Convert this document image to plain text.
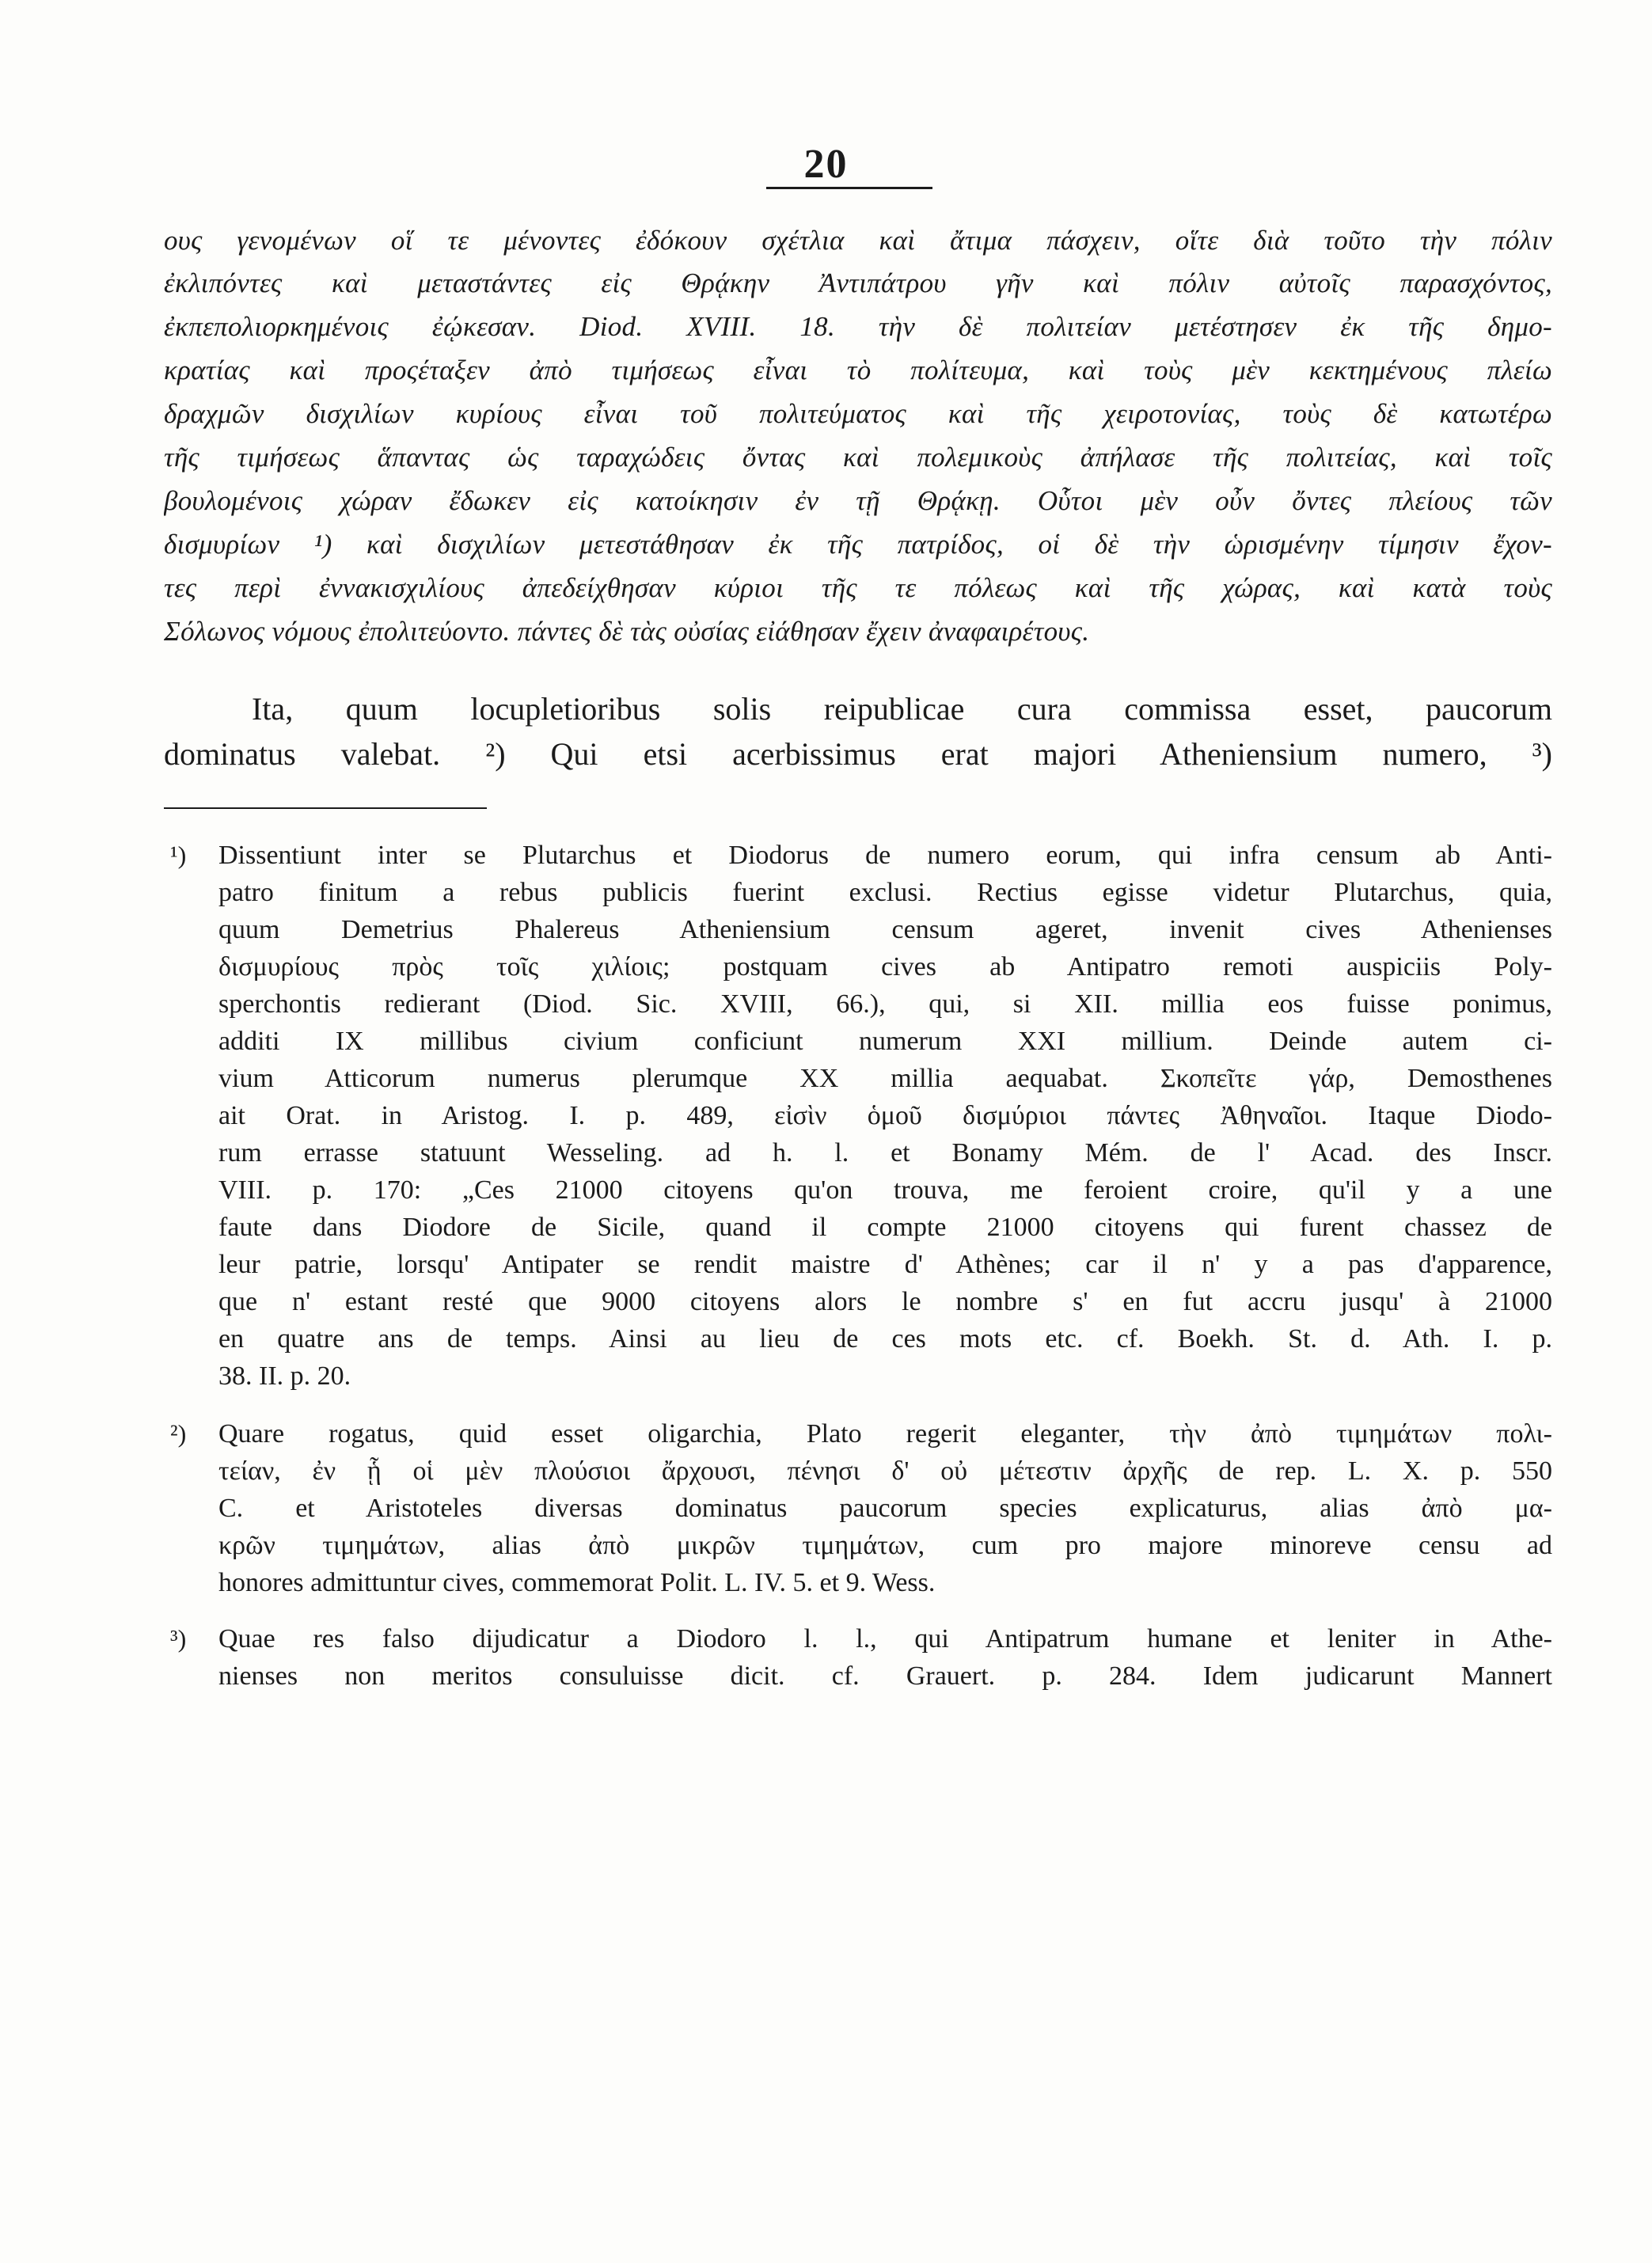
20
ους γενομένων οἵ τε μένοντες ἐδόκουν σχέτλια καὶ ἄτιμα πάσχειν, οἵτε διὰ τοῦτο τὴν πόλιν
ἐκλιπόντες καὶ μεταστάντες εἰς Θρᾴκην Ἀντιπάτρου γῆν καὶ πόλιν αὐτοῖς παρασχόντος,
ἐκπεπολιορκημένοις ἐῴκεσαν. Diod. XVIII. 18. τὴν δὲ πολιτείαν μετέστησεν ἐκ τῆς δημο-
κρατίας καὶ προςέταξεν ἀπὸ τιμήσεως εἶναι τὸ πολίτευμα, καὶ τοὺς μὲν κεκτημένους πλείω
δραχμῶν δισχιλίων κυρίους εἶναι τοῦ πολιτεύματος καὶ τῆς χειροτονίας, τοὺς δὲ κατωτέρω
τῆς τιμήσεως ἅπαντας ὡς ταραχώδεις ὄντας καὶ πολεμικοὺς ἀπήλασε τῆς πολιτείας, καὶ τοῖς
βουλομένοις χώραν ἔδωκεν εἰς κατοίκησιν ἐν τῇ Θρᾴκῃ. Οὗτοι μὲν οὖν ὄντες πλείους τῶν
δισμυρίων ¹) καὶ δισχιλίων μετεστάθησαν ἐκ τῆς πατρίδος, οἱ δὲ τὴν ὡρισμένην τίμησιν ἔχον-
τες περὶ ἐννακισχιλίους ἀπεδείχθησαν κύριοι τῆς τε πόλεως καὶ τῆς χώρας, καὶ κατὰ τοὺς
Σόλωνος νόμους ἐπολιτεύοντο. πάντες δὲ τὰς οὐσίας εἰάθησαν ἔχειν ἀναφαιρέτους.
Ita, quum locupletioribus solis reipublicae cura commissa esset, paucorum
dominatus valebat. ²) Qui etsi acerbissimus erat majori Atheniensium numero, ³)
¹) Dissentiunt inter se Plutarchus et Diodorus de numero eorum, qui infra censum ab Anti-
patro finitum a rebus publicis fuerint exclusi. Rectius egisse videtur Plutarchus, quia,
quum Demetrius Phalereus Atheniensium censum ageret, invenit cives Athenienses
δισμυρίους πρὸς τοῖς χιλίοις; postquam cives ab Antipatro remoti auspiciis Poly-
sperchontis redierant (Diod. Sic. XVIII, 66.), qui, si XII. millia eos fuisse ponimus,
additi IX millibus civium conficiunt numerum XXI millium. Deinde autem ci-
vium Atticorum numerus plerumque XX millia aequabat. Σκοπεῖτε γάρ, Demosthenes
ait Orat. in Aristog. I. p. 489, εἰσὶν ὁμοῦ δισμύριοι πάντες Ἀθηναῖοι. Itaque Diodo-
rum errasse statuunt Wesseling. ad h. l. et Bonamy Mém. de l' Acad. des Inscr.
VIII. p. 170: „Ces 21000 citoyens qu'on trouva, me feroient croire, qu'il y a une
faute dans Diodore de Sicile, quand il compte 21000 citoyens qui furent chassez de
leur patrie, lorsqu' Antipater se rendit maistre d' Athènes; car il n' y a pas d'apparence,
que n' estant resté que 9000 citoyens alors le nombre s' en fut accru jusqu' à 21000
en quatre ans de temps. Ainsi au lieu de ces mots etc. cf. Boekh. St. d. Ath. I. p.
38. II. p. 20.
²) Quare rogatus, quid esset oligarchia, Plato regerit eleganter, τὴν ἀπὸ τιμημάτων πολι-
τείαν, ἐν ᾗ οἱ μὲν πλούσιοι ἄρχουσι, πένησι δ' οὐ μέτεστιν ἀρχῆς de rep. L. X. p. 550
C. et Aristoteles diversas dominatus paucorum species explicaturus, alias ἀπὸ μα-
κρῶν τιμημάτων, alias ἀπὸ μικρῶν τιμημάτων, cum pro majore minoreve censu ad
honores admittuntur cives, commemorat Polit. L. IV. 5. et 9. Wess.
³) Quae res falso dijudicatur a Diodoro l. l., qui Antipatrum humane et leniter in Athe-
nienses non meritos consuluisse dicit. cf. Grauert. p. 284. Idem judicarunt Mannert
